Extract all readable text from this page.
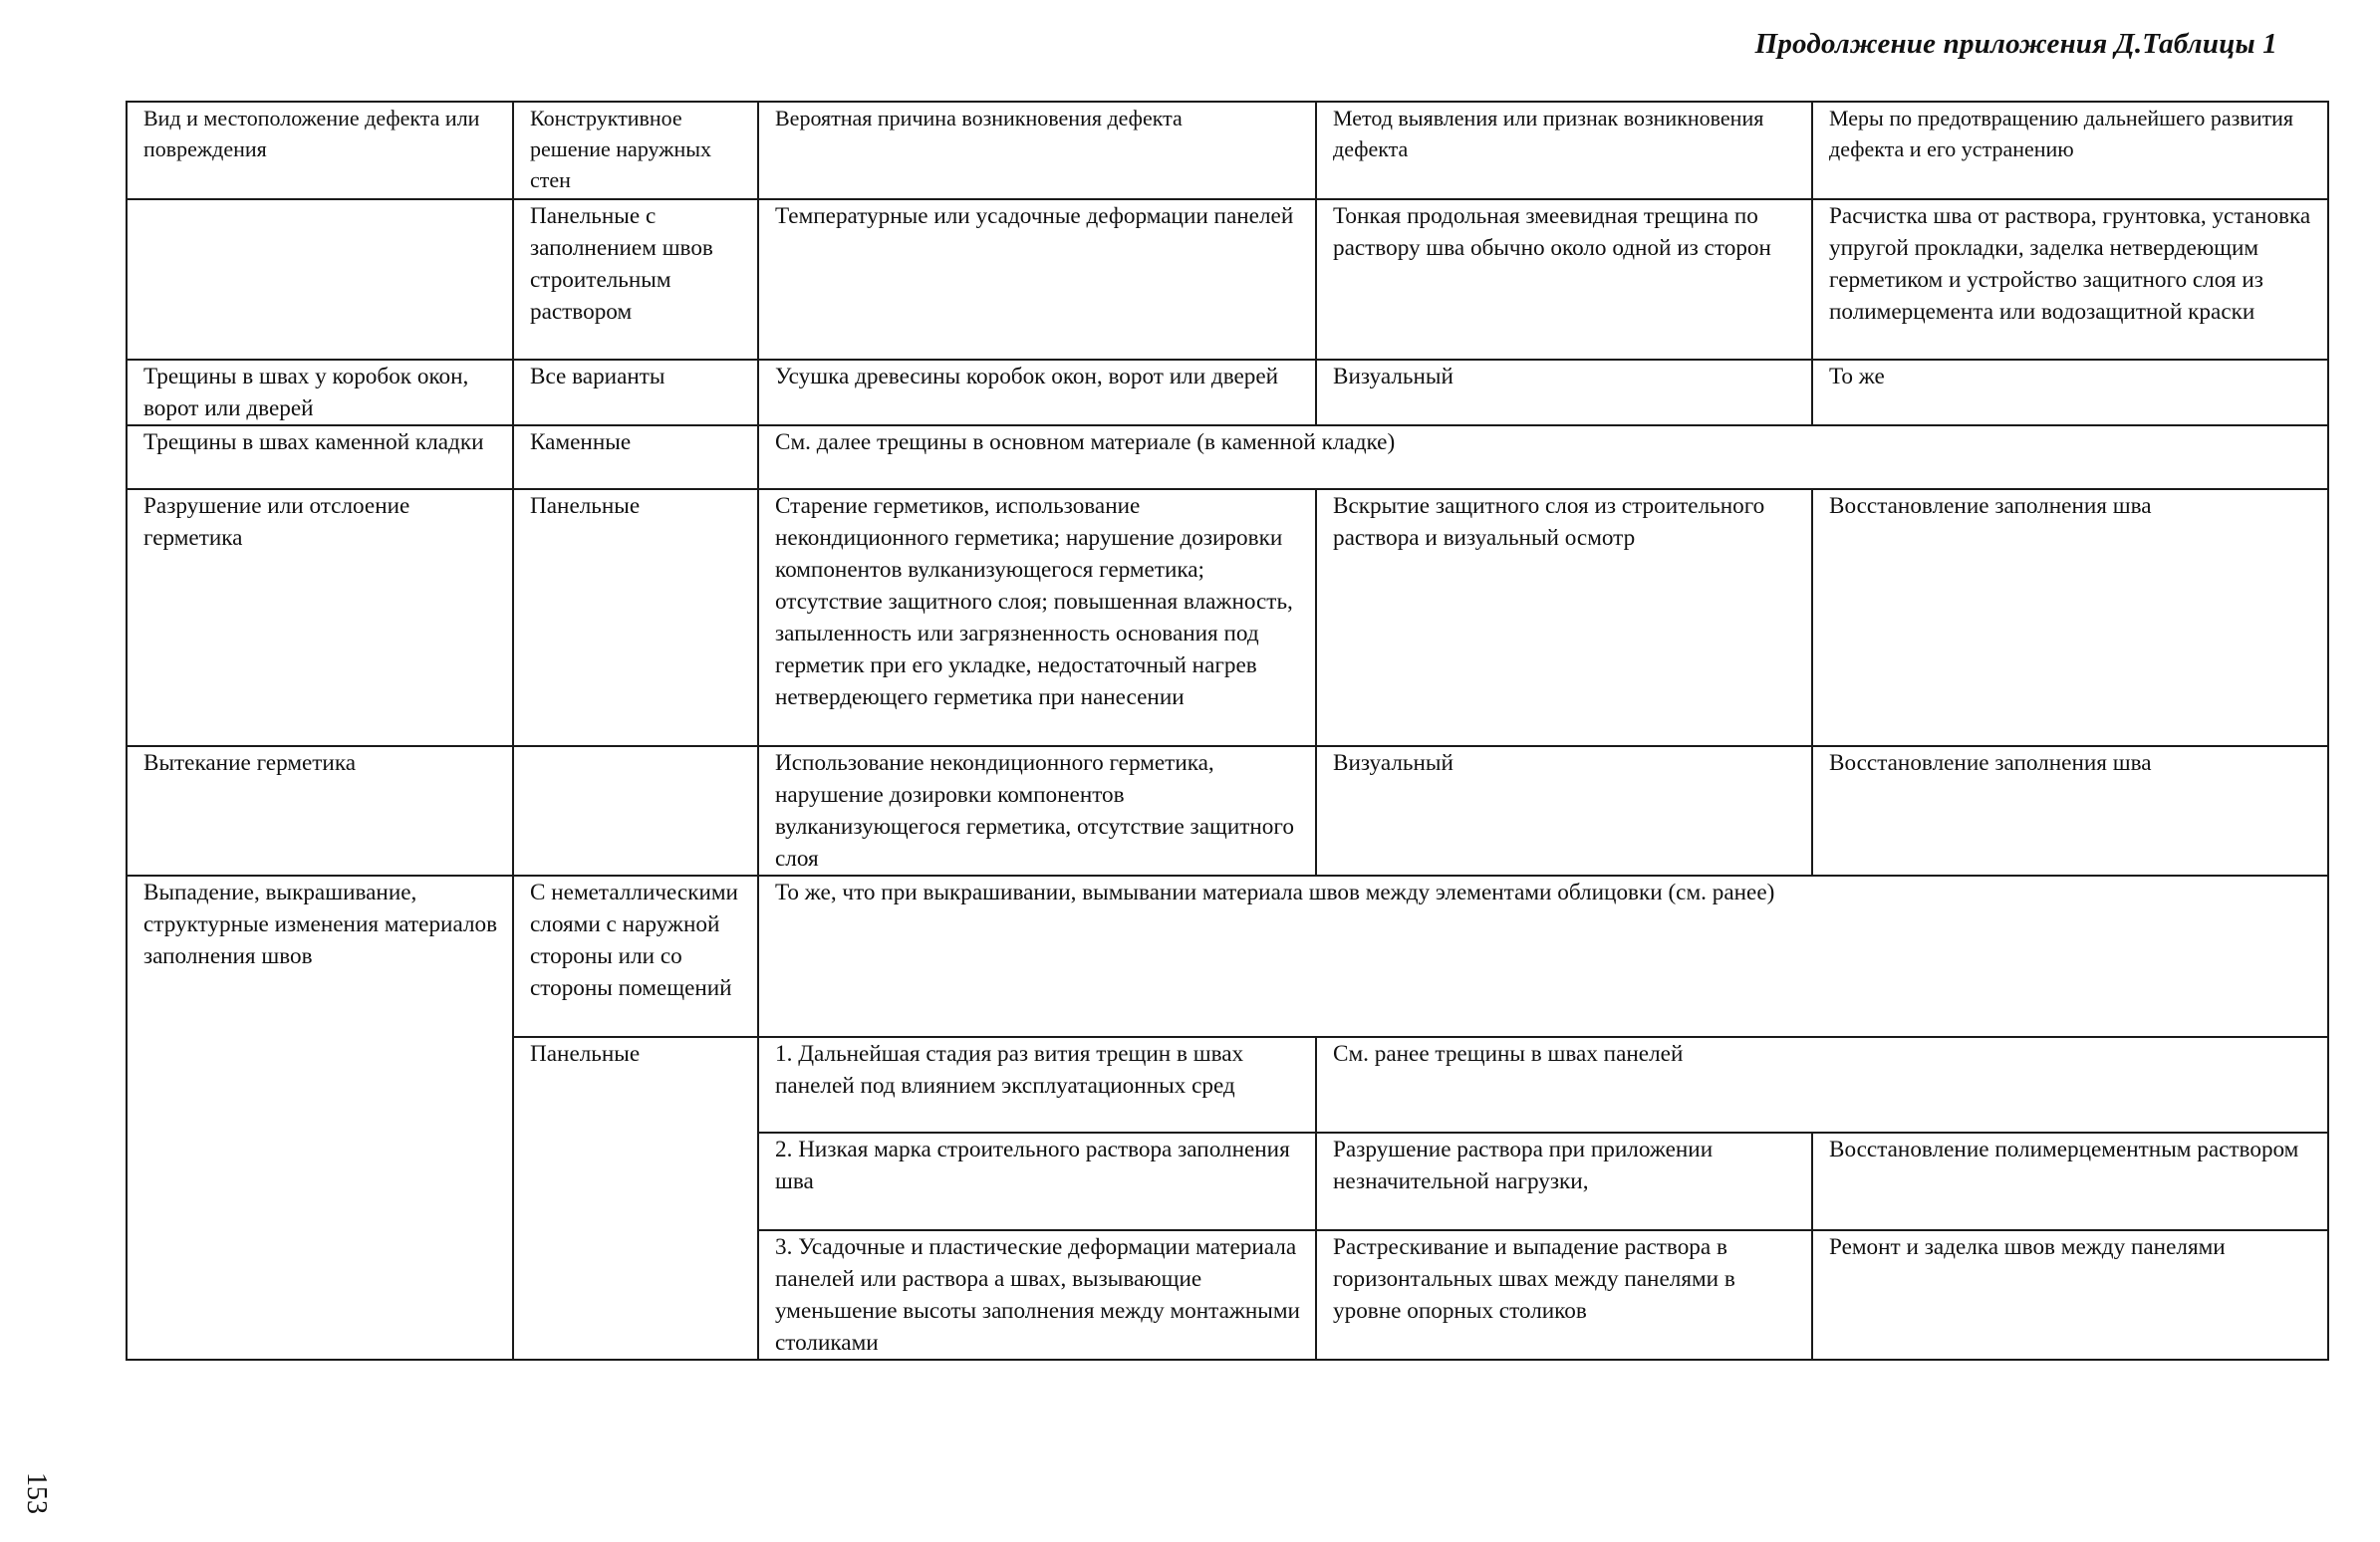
Продолжение приложения Д.Таблицы 1
Вид и местоположение дефекта или повреждения	Конструктивное решение наружных стен	Вероятная причина возникновения дефекта	Метод выявления или признак возникновения дефекта	Меры по предотвращению дальнейшего развития дефекта и его устранению
	Панельные с заполнением швов строительным раствором	Температурные или усадочные деформации панелей	Тонкая продольная змеевидная трещина по раствору шва обычно около одной из сторон	Расчистка шва от раствора, грунтовка, установка упругой прокладки, заделка нетвердеющим герметиком и устройство защитного слоя из полимерцемента или водозащитной краски
Трещины в швах у коробок окон, ворот или дверей	Все варианты	Усушка древесины коробок окон, ворот или дверей	Визуальный	То же
Трещины в швах каменной кладки	Каменные	См. далее трещины в основном материале (в каменной кладке)		
Разрушение или отслоение герметика	Панельные	Старение герметиков, использование некондиционного герметика; нарушение дозировки компонентов вулканизующегося герметика; отсутствие защитного слоя; повышенная влажность, запыленность или загрязненность основания под герметик при его укладке, недостаточный нагрев нетвердеющего герметика при нанесении	Вскрытие защитного слоя из строительного раствора и визуальный осмотр	Восстановление заполнения шва
Вытекание герметика		Использование некондиционного герметика, нарушение дозировки компонентов вулканизующегося герметика, отсутствие защитного слоя	Визуальный	Восстановление заполнения шва
Выпадение, выкрашивание, структурные изменения материалов заполнения швов	С неметаллическими слоями с наружной стороны или со стороны помещений	То же, что при выкрашивании, вымывании материала швов между элементами облицовки (см. ранее)		
	Панельные	1. Дальнейшая стадия раз вития трещин в швах панелей под влиянием эксплуатационных сред	См. ранее трещины в швах панелей	
		2. Низкая марка строительного раствора заполнения шва	Разрушение раствора при приложении незначительной нагрузки,	Восстановление полимерцементным раствором
		3. Усадочные и пластические деформации материала панелей или раствора а швах, вызывающие уменьшение высоты заполнения между монтажными столиками	Растрескивание и выпадение раствора в горизонтальных швах между панелями в уровне опорных столиков	Ремонт и заделка швов между панелями
153
